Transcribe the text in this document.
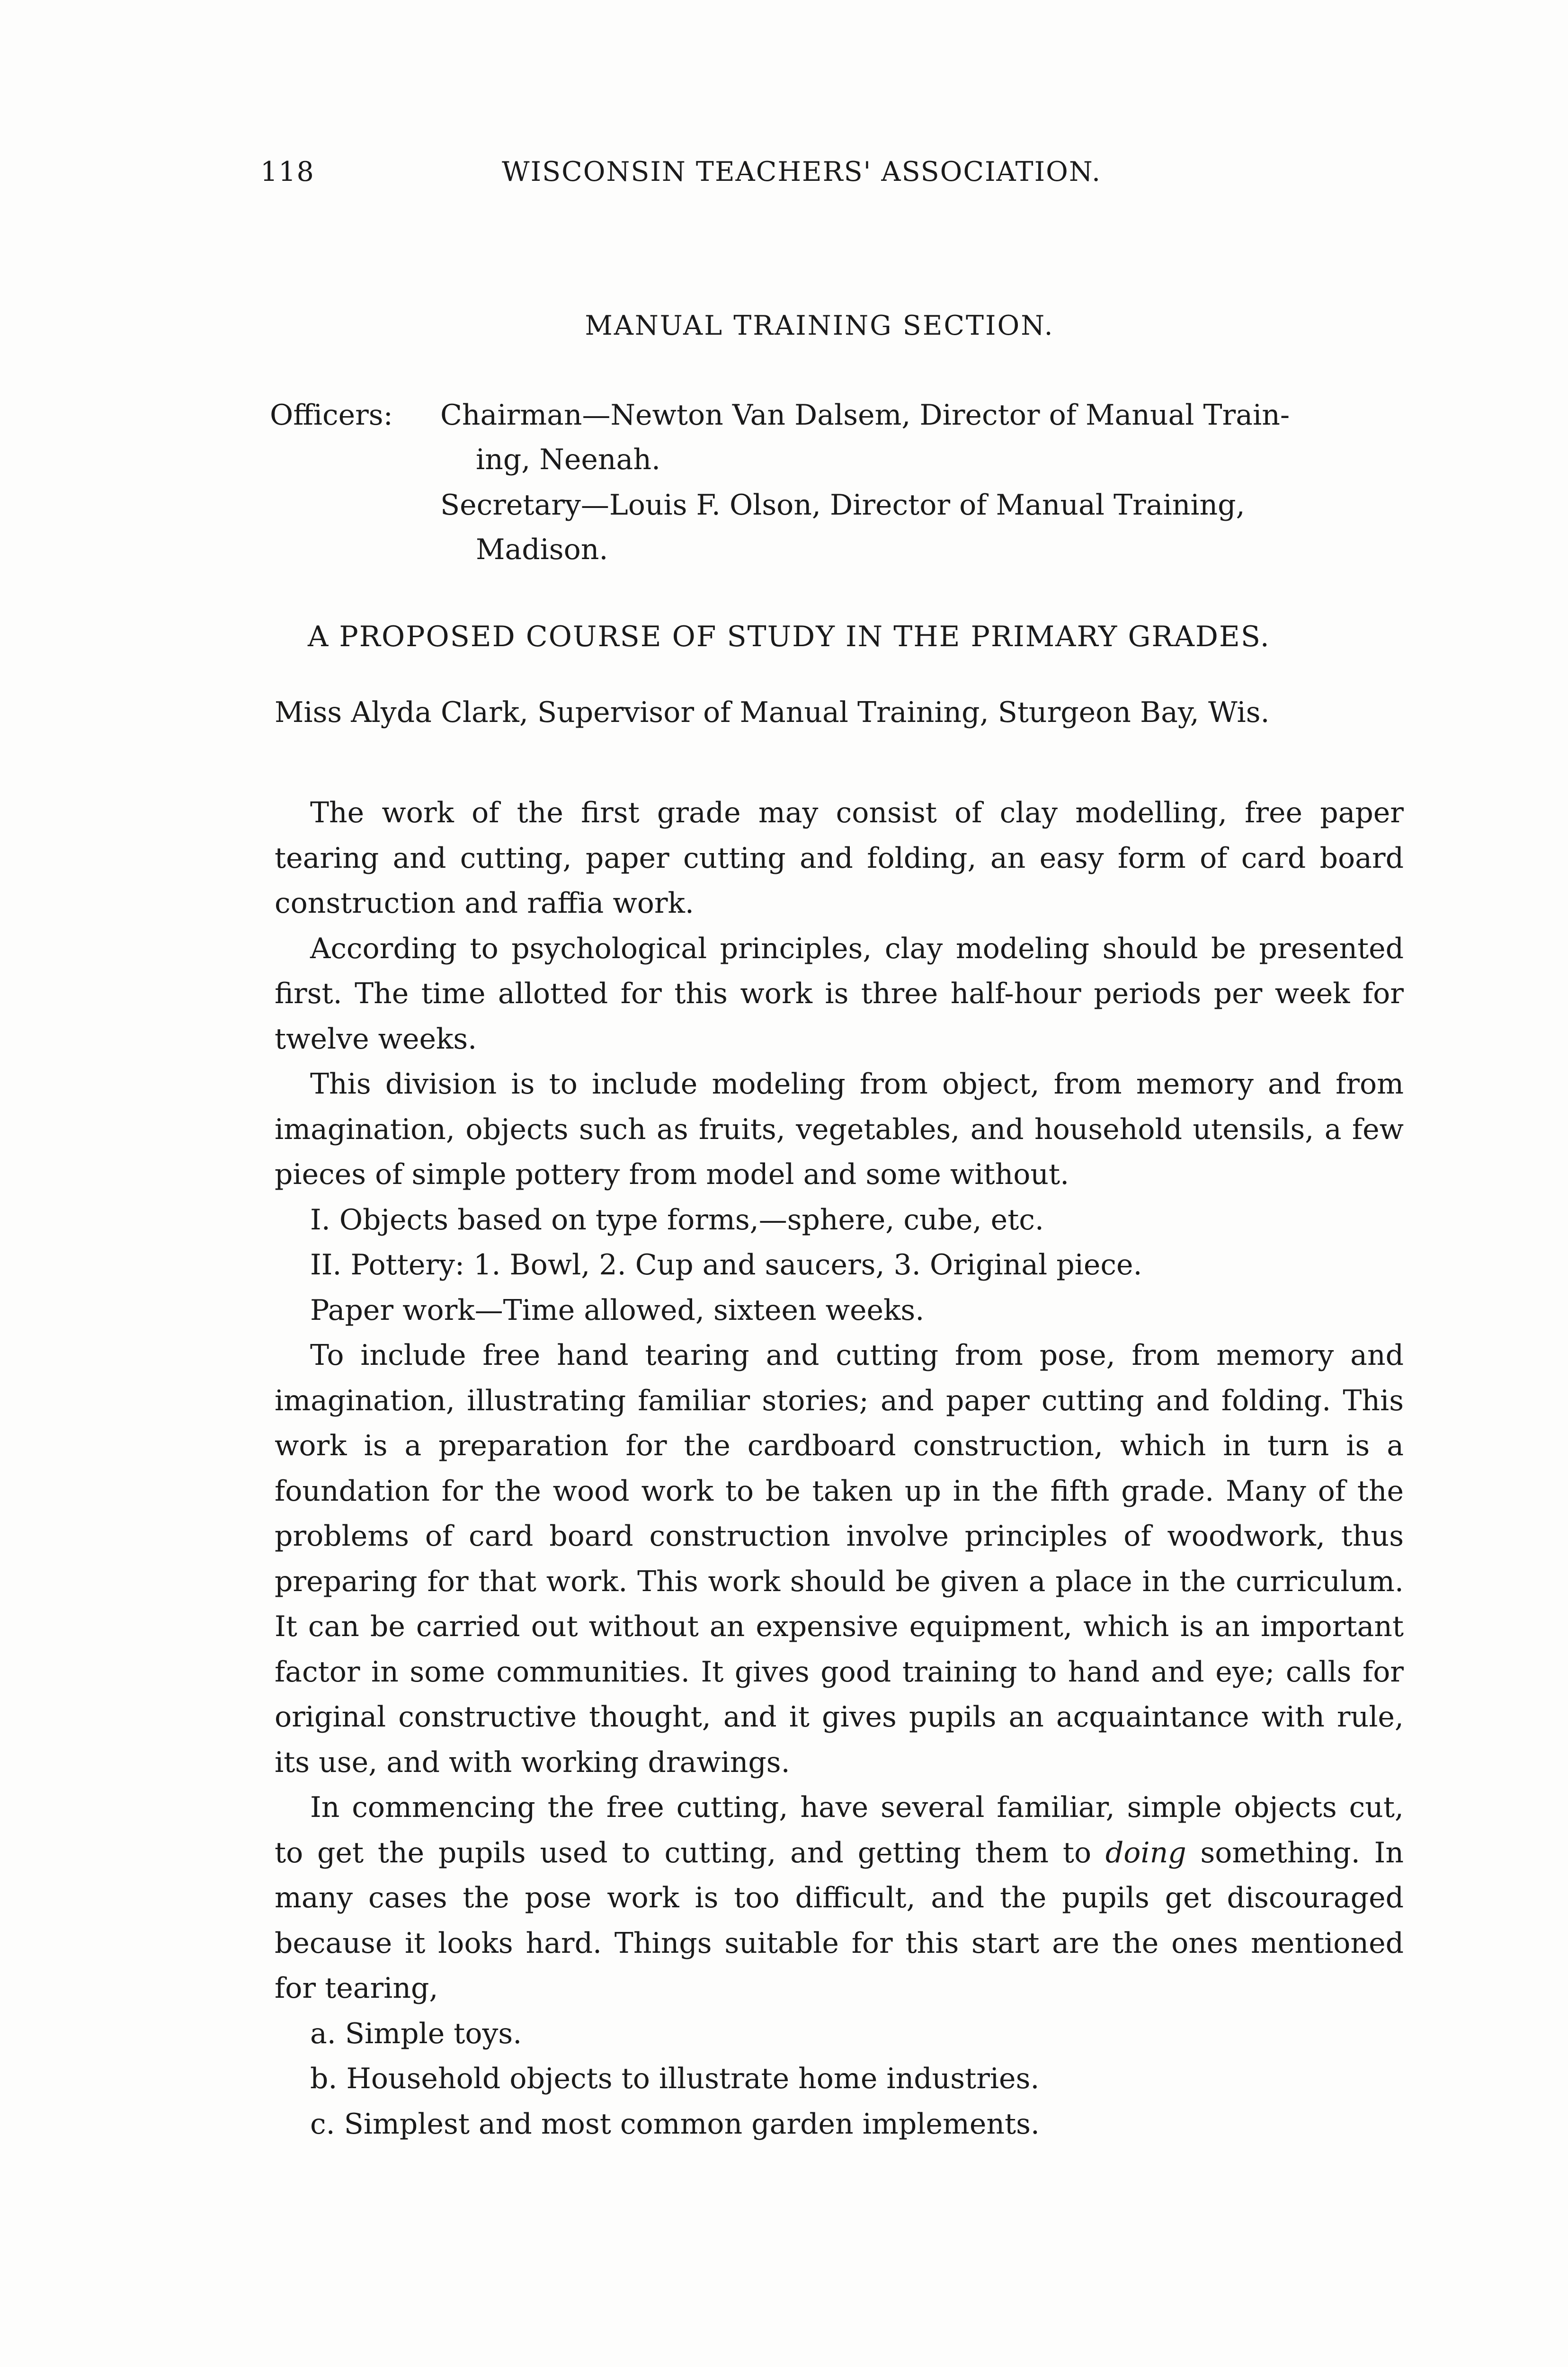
118	WISCONSIN TEACHERS' ASSOCIATION.
MANUAL TRAINING SECTION.
Officers: Chairman—Newton Van Dalsem, Director of Manual Train-
ing, Neenah.
Secretary—Louis F. Olson, Director of Manual Training,
Madison.
A PROPOSED COURSE OF STUDY IN THE PRIMARY GRADES.
Miss Alyda Clark, Supervisor of Manual Training, Sturgeon Bay, Wis.

The work of the first grade may consist of clay modelling, free paper tearing and cutting, paper cutting and folding, an easy form of card board construction and raffia work.

According to psychological principles, clay modeling should be presented first. The time allotted for this work is three half-hour periods per week for twelve weeks.

This division is to include modeling from object, from memory and from imagination, objects such as fruits, vegetables, and household utensils, a few pieces of simple pottery from model and some without.

I. Objects based on type forms,—sphere, cube, etc.
II. Pottery: 1. Bowl, 2. Cup and saucers, 3. Original piece.
Paper work—Time allowed, sixteen weeks.

To include free hand tearing and cutting from pose, from memory and imagination, illustrating familiar stories; and paper cutting and folding. This work is a preparation for the cardboard construction, which in turn is a foundation for the wood work to be taken up in the fifth grade. Many of the problems of card board construction involve principles of woodwork, thus preparing for that work. This work should be given a place in the curriculum. It can be carried out without an expensive equipment, which is an important factor in some communities. It gives good training to hand and eye; calls for original constructive thought, and it gives pupils an acquaintance with rule, its use, and with working drawings.

In commencing the free cutting, have several familiar, simple objects cut, to get the pupils used to cutting, and getting them to doing something. In many cases the pose work is too difficult, and the pupils get discouraged because it looks hard. Things suitable for this start are the ones mentioned for tearing,

a. Simple toys.
b. Household objects to illustrate home industries.
c. Simplest and most common garden implements.
